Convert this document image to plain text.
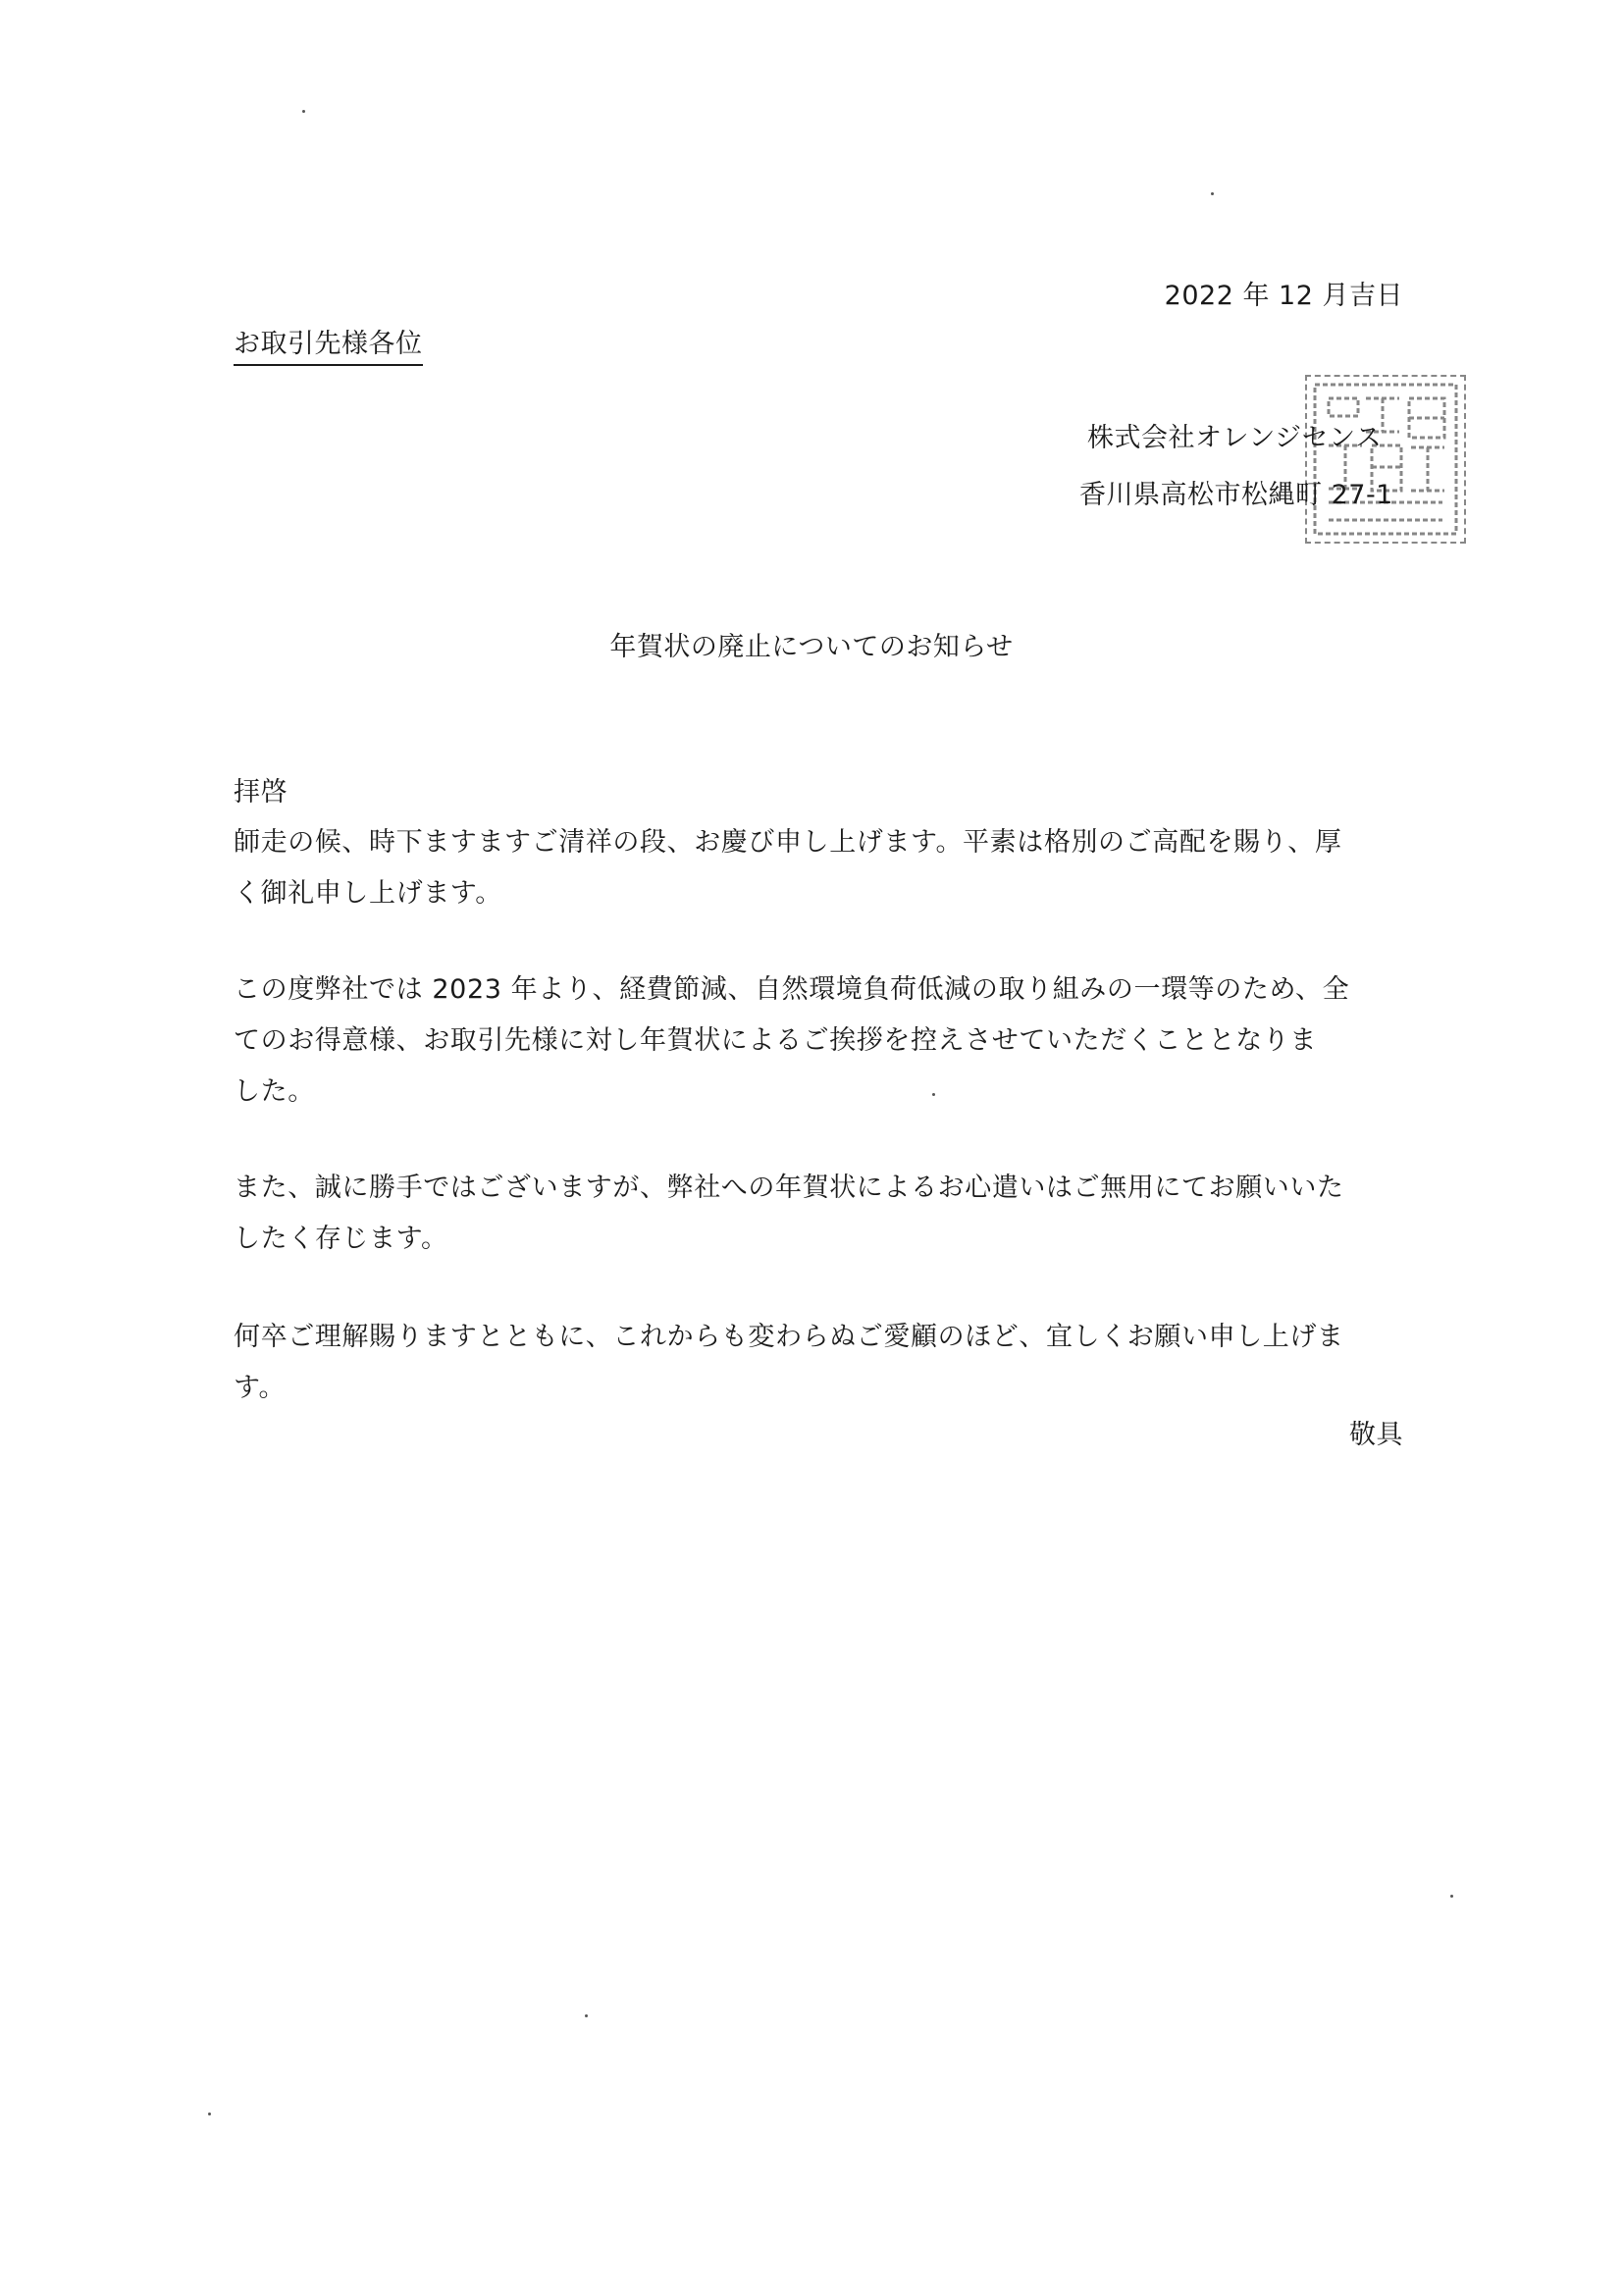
2022 年 12 月吉日
お取引先様各位
株式会社オレンジセンス
香川県高松市松縄町 27-1
年賀状の廃止についてのお知らせ

拝啓

師走の候、時下ますますご清祥の段、お慶び申し上げます。平素は格別のご高配を賜り、厚
く御礼申し上げます。

この度弊社では 2023 年より、経費節減、自然環境負荷低減の取り組みの一環等のため、全
てのお得意様、お取引先様に対し年賀状によるご挨拶を控えさせていただくこととなりま
した。

また、誠に勝手ではございますが、弊社への年賀状によるお心遣いはご無用にてお願いいた
したく存じます。

何卒ご理解賜りますとともに、これからも変わらぬご愛顧のほど、宜しくお願い申し上げま
す。

敬具
